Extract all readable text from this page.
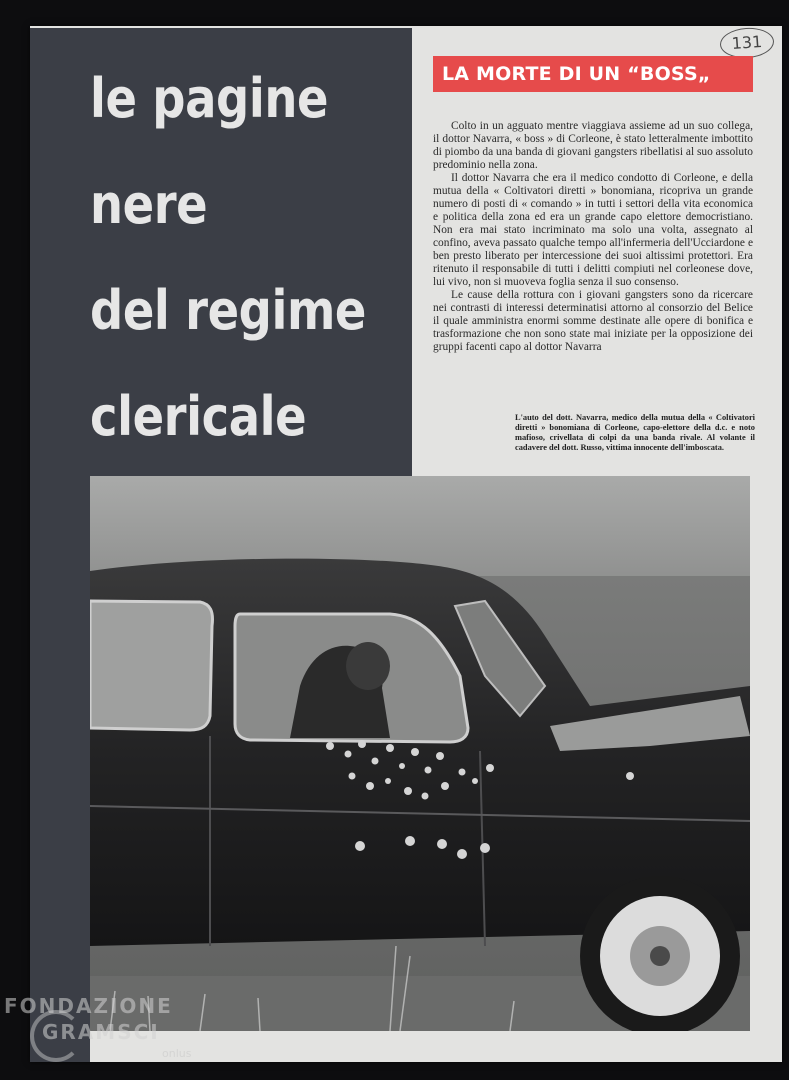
le pagine
nere
del regime
clericale
131
LA MORTE DI UN “BOSS„

Colto in un agguato mentre viaggiava assieme ad un suo collega, il dottor Navarra, « boss » di Corleone, è stato letteralmente imbottito di piombo da una banda di giovani gangsters ribellatisi al suo assoluto predominio nella zona.

Il dottor Navarra che era il medico condotto di Corleone, e della mutua della « Coltivatori diretti » bonomiana, ricopriva un grande numero di posti di « comando » in tutti i settori della vita economica e politica della zona ed era un grande capo elettore democristiano. Non era mai stato incriminato ma solo una volta, assegnato al confino, aveva passato qualche tempo all'infermeria dell'Ucciardone e ben presto liberato per intercessione dei suoi altissimi protettori. Era ritenuto il responsabile di tutti i delitti compiuti nel corleonese dove, lui vivo, non si muoveva foglia senza il suo consenso.

Le cause della rottura con i giovani gangsters sono da ricercare nei contrasti di interessi determinatisi attorno al consorzio del Belice il quale amministra enormi somme destinate alle opere di bonifica e trasformazione che non sono state mai iniziate per la opposizione dei gruppi facenti capo al dottor Navarra

L'auto del dott. Navarra, medico della mutua della « Coltivatori diretti » bonomiana di Corleone, capo-elettore della d.c. e noto mafioso, crivellata di colpi da una banda rivale. Al volante il cadavere del dott. Russo, vittima innocente dell'imboscata.
FONDAZIONE
GRAMSCI
onlus
